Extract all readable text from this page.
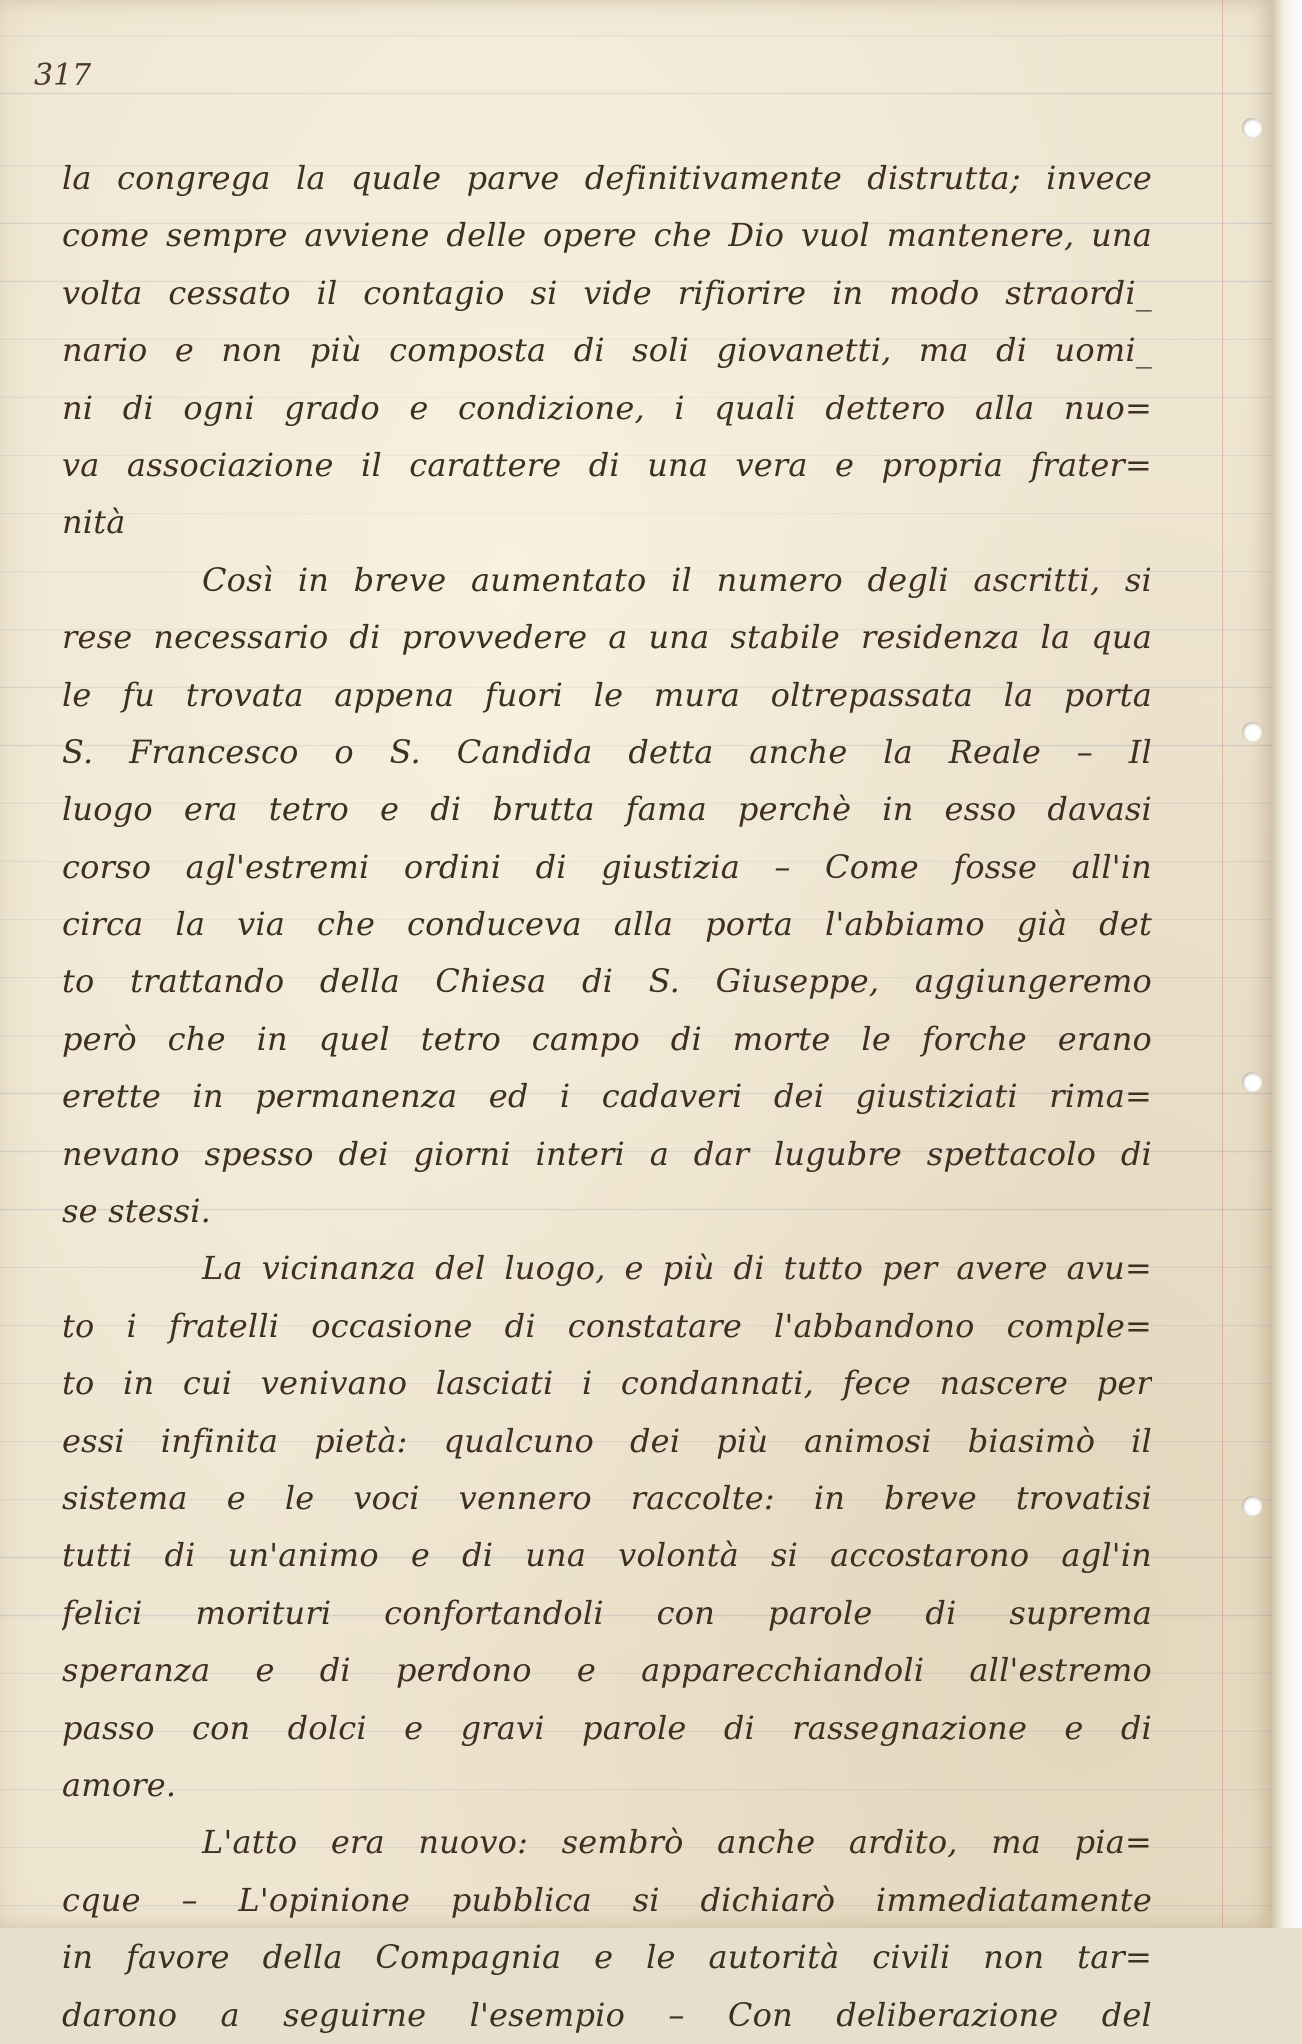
317
la congrega la quale parve definitivamente distrutta; invece
come sempre avviene delle opere che Dio vuol mantenere, una
volta cessato il contagio si vide rifiorire in modo straordi_
nario e non più composta di soli giovanetti, ma di uomi_
ni di ogni grado e condizione, i quali dettero alla nuo=
va associazione il carattere di una vera e propria frater=
nità
Così in breve aumentato il numero degli ascritti, si
rese necessario di provvedere a una stabile residenza la qua
le fu trovata appena fuori le mura oltrepassata la porta
S. Francesco o S. Candida detta anche la Reale – Il
luogo era tetro e di brutta fama perchè in esso davasi
corso agl'estremi ordini di giustizia – Come fosse all'in
circa la via che conduceva alla porta l'abbiamo già det
to trattando della Chiesa di S. Giuseppe, aggiungeremo
però che in quel tetro campo di morte le forche erano
erette in permanenza ed i cadaveri dei giustiziati rima=
nevano spesso dei giorni interi a dar lugubre spettacolo di
se stessi.
La vicinanza del luogo, e più di tutto per avere avu=
to i fratelli occasione di constatare l'abbandono comple=
to in cui venivano lasciati i condannati, fece nascere per
essi infinita pietà: qualcuno dei più animosi biasimò il
sistema e le voci vennero raccolte: in breve trovatisi
tutti di un'animo e di una volontà si accostarono agl'in
felici morituri confortandoli con parole di suprema
speranza e di perdono e apparecchiandoli all'estremo
passo con dolci e gravi parole di rassegnazione e di
amore.
L'atto era nuovo: sembrò anche ardito, ma pia=
cque – L'opinione pubblica si dichiarò immediatamente
in favore della Compagnia e le autorità civili non tar=
darono a seguirne l'esempio – Con deliberazione del
